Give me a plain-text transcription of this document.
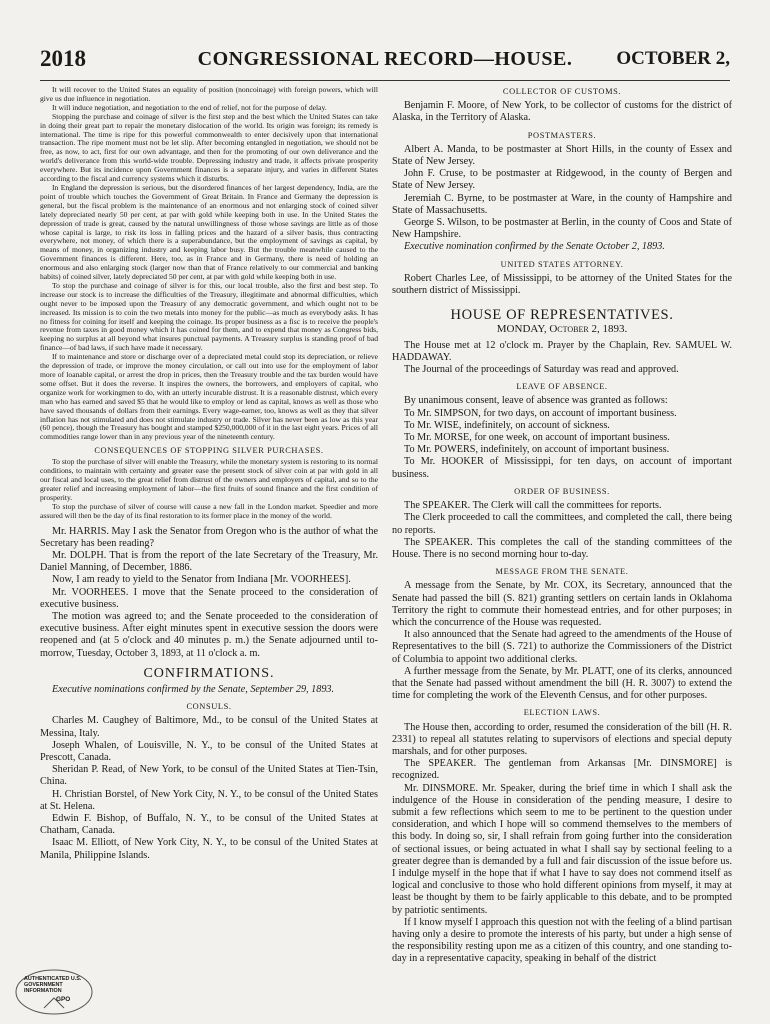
2018	CONGRESSIONAL RECORD—HOUSE.	OCTOBER 2,

It will recover to the United States an equality of position (noncoinage) with foreign powers, which will give us due influence in negotiation.

It will induce negotiation, and negotiation to the end of relief, not for the purpose of delay.

Stopping the purchase and coinage of silver is the first step and the best which the United States can take in doing their great part to repair the monetary dislocation of the world. Its origin was foreign; its remedy is international. The time is ripe for this powerful commonwealth to enter decisively upon that international transaction. The ripe moment must not be let slip. After becoming entangled in negotiation, we should not be free, as now, to act, first for our own advantage, and then for the promoting of our own deliverance and the world's deliverance from this world-wide trouble. Depressing industry and trade, it affects private prosperity everywhere. But its incidence upon Government finances is a separate injury, and varies in different States according to the fiscal and currency systems which it disturbs.

In England the depression is serious, but the disordered finances of her largest dependency, India, are the point of trouble which touches the Government of Great Britain. In France and Germany the depression is general, but the fiscal problem is the maintenance of an enormous and not enlarging stock of coined silver lately depreciated nearly 50 per cent, at par with gold while keeping both in use. In the United States the depression of trade is great, caused by the natural unwillingness of those whose savings are little as of those whose capital is large, to risk its loss in falling prices and the hazard of a silver basis, thus contracting everywhere, not money, of which there is a superabundance, but the employment of savings as capital, by means of money, in organizing industry and keeping labor busy. But the trouble meanwhile caused to the Government finances is different. Here, too, as in France and in Germany, there is need of holding an enormous and also enlarging stock (larger now than that of France relatively to our commercial and banking habits) of coined silver, lately depreciated 50 per cent, at par with gold while keeping both in use.

To stop the purchase and coinage of silver is for this, our local trouble, also the first and best step. To increase our stock is to increase the difficulties of the Treasury, illegitimate and abnormal difficulties, which ought never to be imposed upon the Treasury of any democratic government, and which ought not to be increased. Its mission is to coin the two metals into money for the public—as much as everybody asks. It has no fitness for coining for itself and keeping the coinage. Its proper business as a fisc is to receive the people's revenue from taxes in good money which it has coined for them, and to expend that money as Congress bids, keeping no surplus at all beyond what insures punctual payments. A Treasury surplus is standing proof of bad finance—of bad laws, if such have made it necessary.

If to maintenance and store or discharge over of a depreciated metal could stop its depreciation, or relieve the depression of trade, or improve the money circulation, or call out into use for the employment of labor more of loanable capital, or arrest the drop in prices, then the Treasury trouble and the tax burden would have some offset. But it does the reverse. It inspires the owners, the borrowers, and employers of capital, who organize work for workingmen to do, with an utterly incurable distrust. It is a reasonable distrust, which every man who has earned and saved $5 that he would like to employ or lend as capital, knows as well as those who have saved thousands of dollars from their earnings. Every wage-earner, too, knows as well as they that silver inflation has not stimulated and does not stimulate industry or trade. Silver has never been as low as this year (60 pence), though the Treasury has bought and stamped $250,000,000 of it in the last eight years. Prices of all commodities range lower than in any previous year of the nineteenth century.

CONSEQUENCES OF STOPPING SILVER PURCHASES.

To stop the purchase of silver will enable the Treasury, while the monetary system is restoring to its normal conditions, to maintain with certainty and greater ease the present stock of silver coin at par with gold in all our fiscal and local uses, to the great relief from distrust of the owners and employers of capital, and so to the greater relief and increasing employment of labor—the first fruits of sound finance and the first condition of prosperity.

To stop the purchase of silver of course will cause a new fall in the London market. Speedier and more assured will then be the day of its final restoration to its former place in the money of the world.

Mr. HARRIS. May I ask the Senator from Oregon who is the author of what the Secretary has been reading?

Mr. DOLPH. That is from the report of the late Secretary of the Treasury, Mr. Daniel Manning, of December, 1886.

Now, I am ready to yield to the Senator from Indiana [Mr. VOORHEES].

Mr. VOORHEES. I move that the Senate proceed to the consideration of executive business.

The motion was agreed to; and the Senate proceeded to the consideration of executive business. After eight minutes spent in executive session the doors were reopened and (at 5 o'clock and 40 minutes p. m.) the Senate adjourned until to-morrow, Tuesday, October 3, 1893, at 11 o'clock a. m.

CONFIRMATIONS.

Executive nominations confirmed by the Senate, September 29, 1893.

CONSULS.

Charles M. Caughey of Baltimore, Md., to be consul of the United States at Messina, Italy.

Joseph Whalen, of Louisville, N. Y., to be consul of the United States at Prescott, Canada.

Sheridan P. Read, of New York, to be consul of the United States at Tien-Tsin, China.

H. Christian Borstel, of New York City, N. Y., to be consul of the United States at St. Helena.

Edwin F. Bishop, of Buffalo, N. Y., to be consul of the United States at Chatham, Canada.

Isaac M. Elliott, of New York City, N. Y., to be consul of the United States at Manila, Philippine Islands.

COLLECTOR OF CUSTOMS.

Benjamin F. Moore, of New York, to be collector of customs for the district of Alaska, in the Territory of Alaska.

POSTMASTERS.

Albert A. Manda, to be postmaster at Short Hills, in the county of Essex and State of New Jersey.

John F. Cruse, to be postmaster at Ridgewood, in the county of Bergen and State of New Jersey.

Jeremiah C. Byrne, to be postmaster at Ware, in the county of Hampshire and State of Massachusetts.

George S. Wilson, to be postmaster at Berlin, in the county of Coos and State of New Hampshire.

Executive nomination confirmed by the Senate October 2, 1893.

UNITED STATES ATTORNEY.

Robert Charles Lee, of Mississippi, to be attorney of the United States for the southern district of Mississippi.

HOUSE OF REPRESENTATIVES.

MONDAY, October 2, 1893.

The House met at 12 o'clock m. Prayer by the Chaplain, Rev. SAMUEL W. HADDAWAY.

The Journal of the proceedings of Saturday was read and approved.

LEAVE OF ABSENCE.

By unanimous consent, leave of absence was granted as follows:

To Mr. SIMPSON, for two days, on account of important business.

To Mr. WISE, indefinitely, on account of sickness.

To Mr. MORSE, for one week, on account of important business.

To Mr. POWERS, indefinitely, on account of important business.

To Mr. HOOKER of Mississippi, for ten days, on account of important business.

ORDER OF BUSINESS.

The SPEAKER. The Clerk will call the committees for reports.

The Clerk proceeded to call the committees, and completed the call, there being no reports.

The SPEAKER. This completes the call of the standing committees of the House. There is no second morning hour to-day.

MESSAGE FROM THE SENATE.

A message from the Senate, by Mr. COX, its Secretary, announced that the Senate had passed the bill (S. 821) granting settlers on certain lands in Oklahoma Territory the right to commute their homestead entries, and for other purposes; in which the concurrence of the House was requested.

It also announced that the Senate had agreed to the amendments of the House of Representatives to the bill (S. 721) to authorize the Commissioners of the District of Columbia to appoint two additional clerks.

A further message from the Senate, by Mr. PLATT, one of its clerks, announced that the Senate had passed without amendment the bill (H. R. 3007) to extend the time for completing the work of the Eleventh Census, and for other purposes.

ELECTION LAWS.

The House then, according to order, resumed the consideration of the bill (H. R. 2331) to repeal all statutes relating to supervisors of elections and special deputy marshals, and for other purposes.

The SPEAKER. The gentleman from Arkansas [Mr. DINSMORE] is recognized.

Mr. DINSMORE. Mr. Speaker, during the brief time in which I shall ask the indulgence of the House in consideration of the pending measure, I desire to submit a few reflections which seem to me to be pertinent to the question under consideration, and which I hope will so commend themselves to the members of this body. In doing so, sir, I shall refrain from going further into the consideration of sectional issues, or being actuated in what I shall say by sectional feeling to a greater degree than is demanded by a full and fair discussion of the issue before us. I indulge myself in the hope that if what I have to say does not commend itself as logical and conclusive to those who hold different opinions from myself, it may at least be thought by them to be fairly applicable to this debate, and to be prompted by patriotic sentiments.

If I know myself I approach this question not with the feeling of a blind partisan having only a desire to promote the interests of his party, but under a high sense of the responsibility resting upon me as a citizen of this country, and one standing to-day in a representative capacity, speaking in behalf of the district

AUTHENTICATED U.S. GOVERNMENT INFORMATION
GPO
